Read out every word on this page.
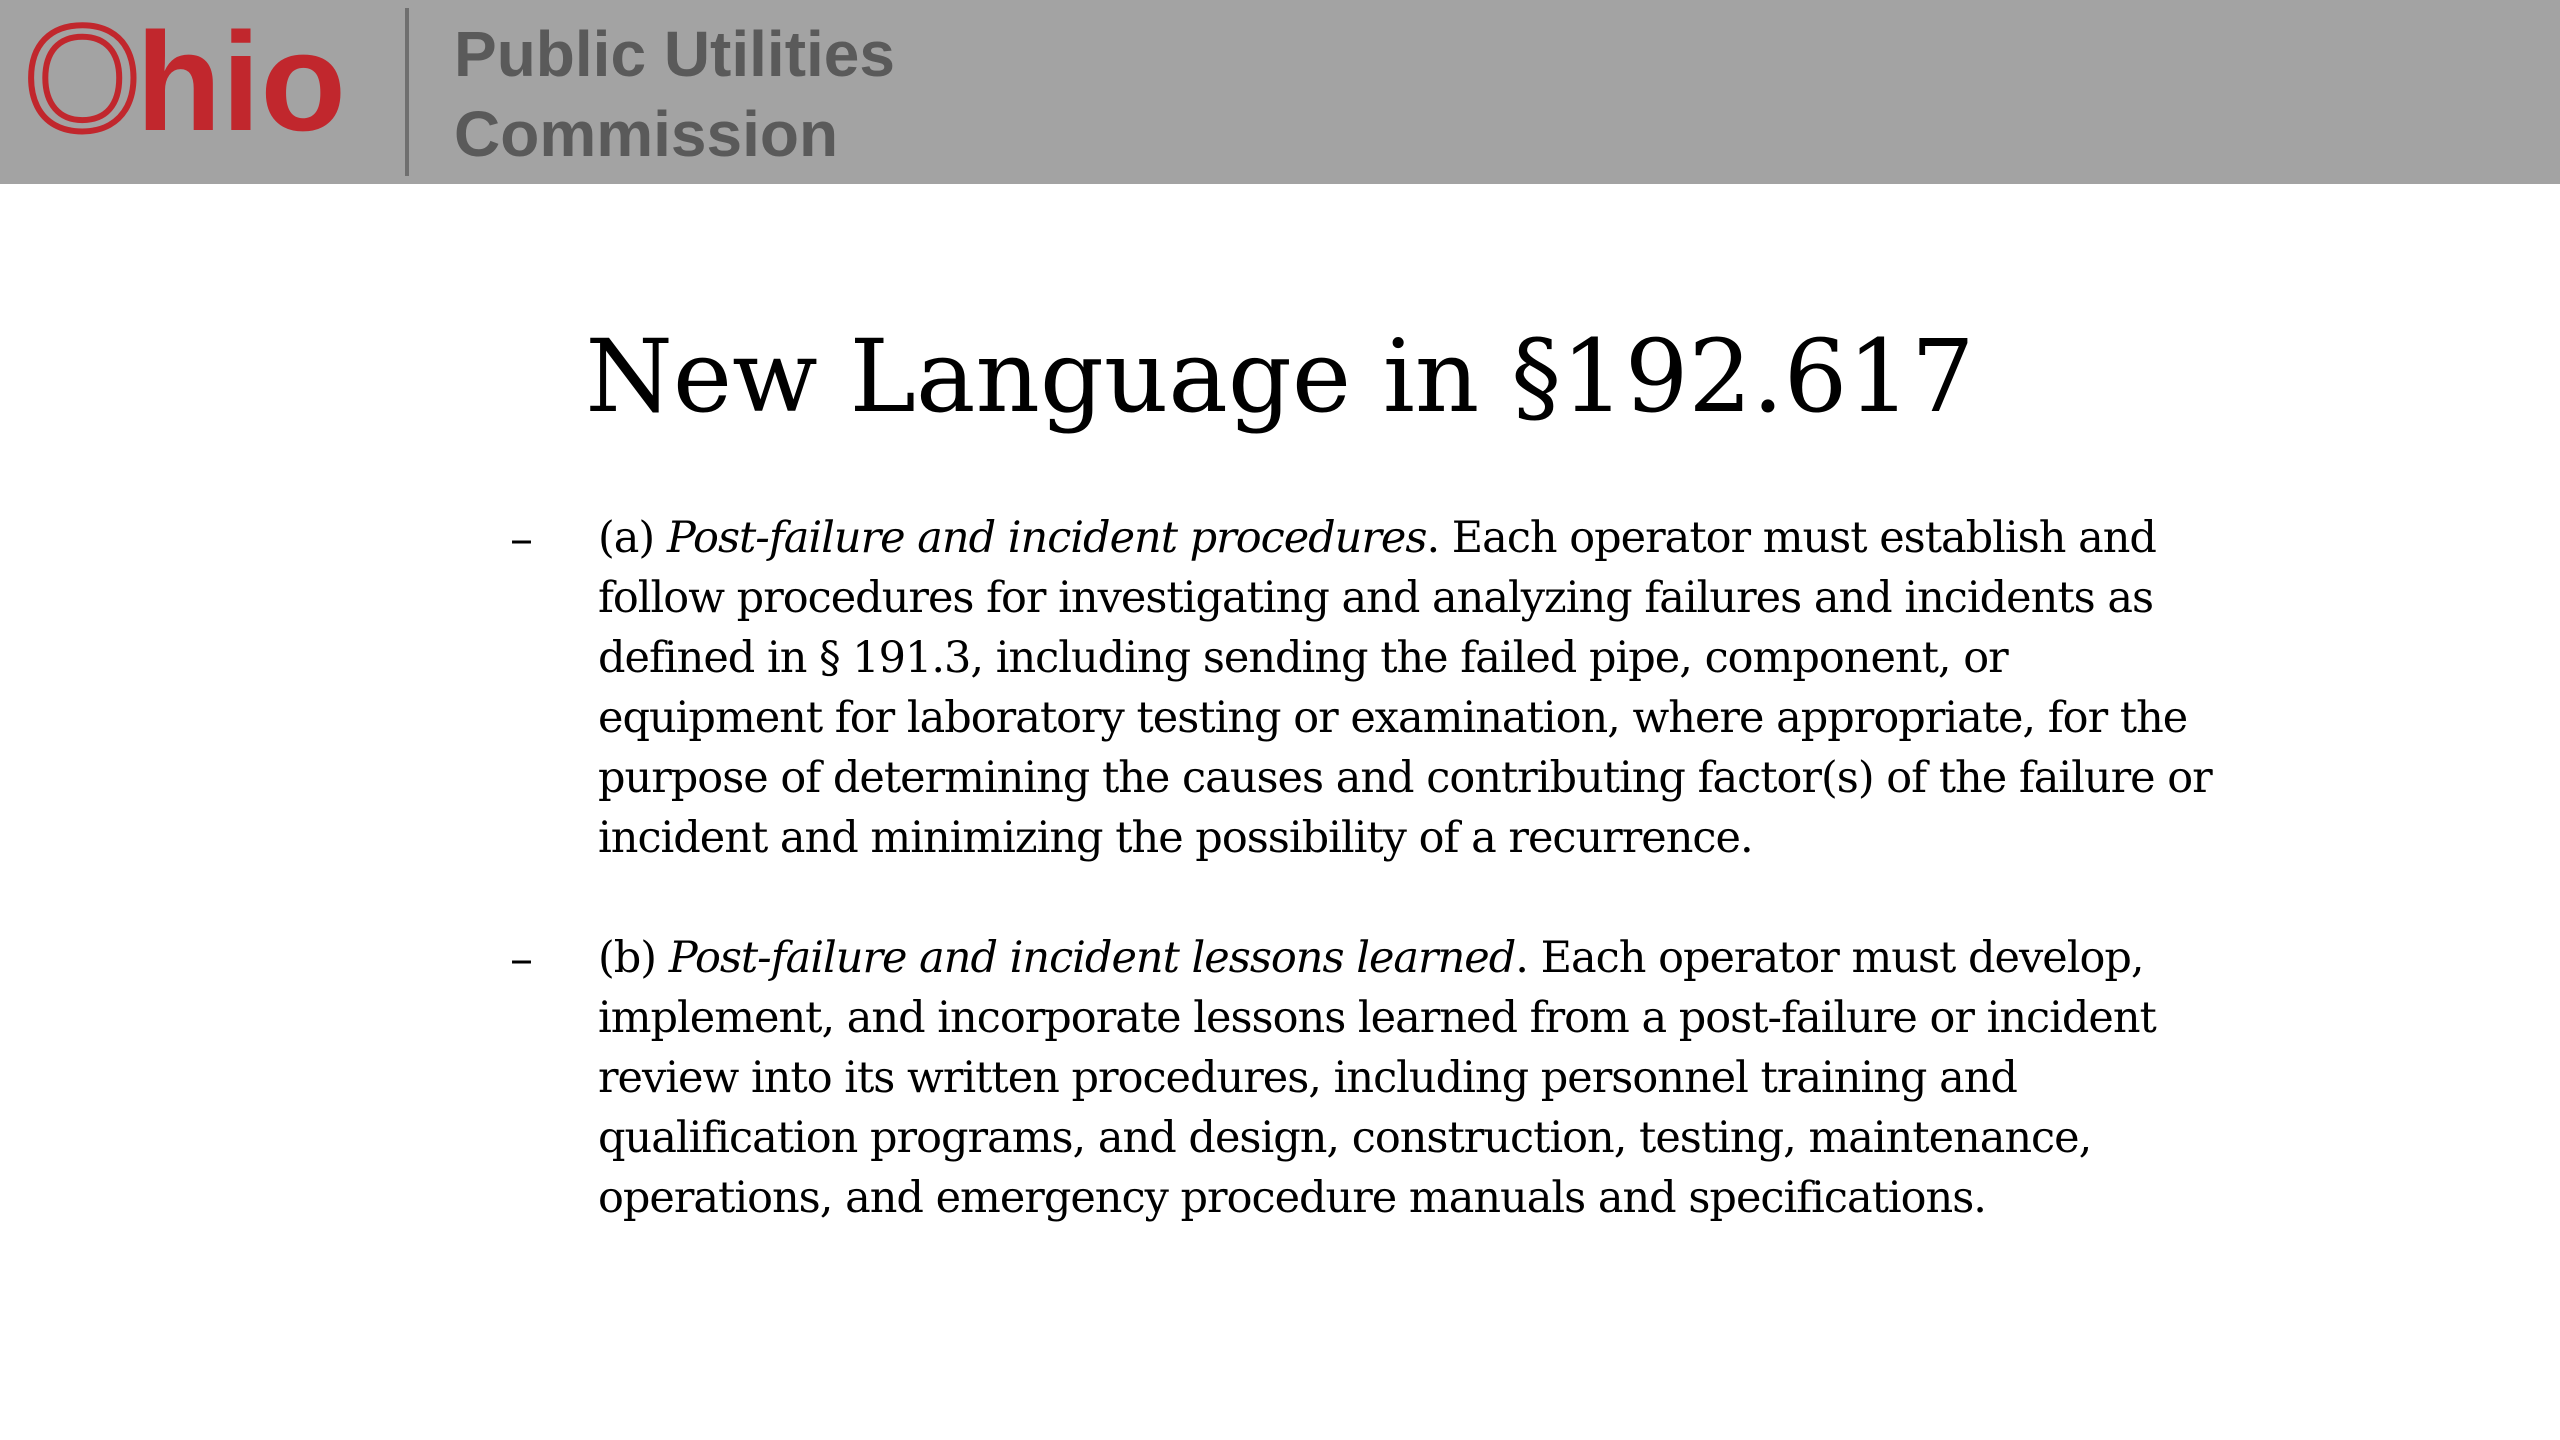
O
hio Public Utilities
Commission
New Language in §192.617
– (a) Post-failure and incident procedures. Each operator must establish and follow procedures for investigating and analyzing failures and incidents as defined in § 191.3, including sending the failed pipe, component, or equipment for laboratory testing or examination, where appropriate, for the purpose of determining the causes and contributing factor(s) of the failure or incident and minimizing the possibility of a recurrence.
– (b) Post-failure and incident lessons learned. Each operator must develop, implement, and incorporate lessons learned from a post-failure or incident review into its written procedures, including personnel training and qualification programs, and design, construction, testing, maintenance, operations, and emergency procedure manuals and specifications.
